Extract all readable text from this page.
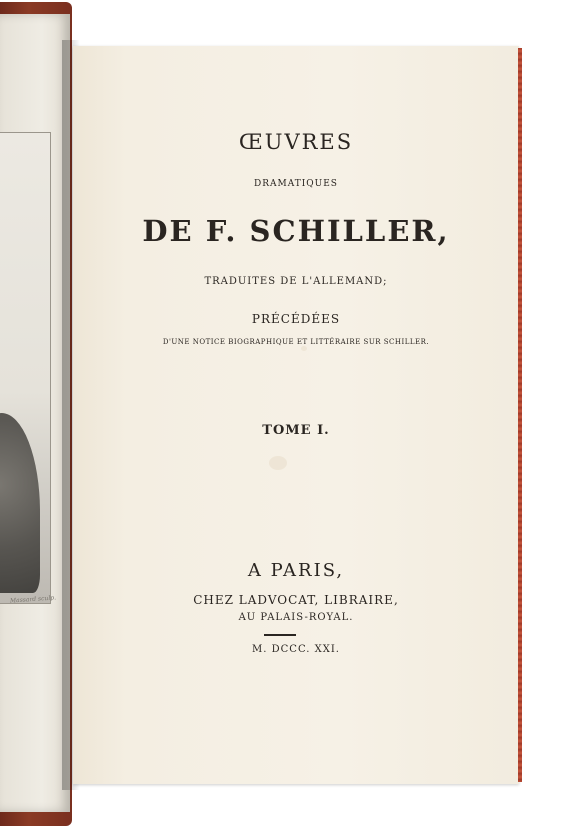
Massard sculp.
ŒUVRES
DRAMATIQUES
DE F. SCHILLER,
TRADUITES DE L'ALLEMAND;
PRÉCÉDÉES
D'UNE NOTICE BIOGRAPHIQUE ET LITTÉRAIRE SUR SCHILLER.
TOME I.
A PARIS,
CHEZ LADVOCAT, LIBRAIRE,
AU PALAIS-ROYAL.
M. DCCC. XXI.
